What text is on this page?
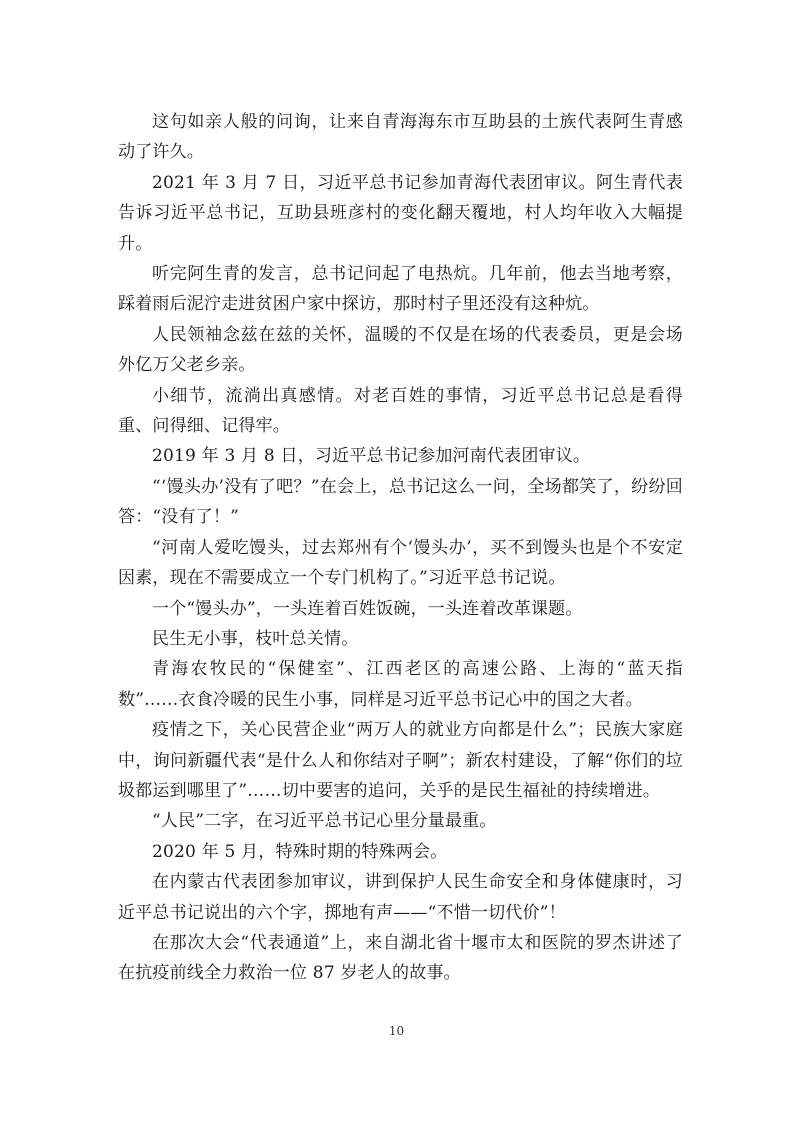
这句如亲人般的问询，让来自青海海东市互助县的土族代表阿生青感动了许久。

2021 年 3 月 7 日，习近平总书记参加青海代表团审议。阿生青代表告诉习近平总书记，互助县班彦村的变化翻天覆地，村人均年收入大幅提升。

听完阿生青的发言，总书记问起了电热炕。几年前，他去当地考察，踩着雨后泥泞走进贫困户家中探访，那时村子里还没有这种炕。

人民领袖念兹在兹的关怀，温暖的不仅是在场的代表委员，更是会场外亿万父老乡亲。

小细节，流淌出真感情。对老百姓的事情，习近平总书记总是看得重、问得细、记得牢。

2019 年 3 月 8 日，习近平总书记参加河南代表团审议。

“‘馒头办’没有了吧？”在会上，总书记这么一问，全场都笑了，纷纷回答：“没有了！”

“河南人爱吃馒头，过去郑州有个‘馒头办’，买不到馒头也是个不安定因素，现在不需要成立一个专门机构了。”习近平总书记说。

一个“馒头办”，一头连着百姓饭碗，一头连着改革课题。

民生无小事，枝叶总关情。

青海农牧民的“保健室”、江西老区的高速公路、上海的“蓝天指数”……衣食冷暖的民生小事，同样是习近平总书记心中的国之大者。

疫情之下，关心民营企业“两万人的就业方向都是什么”；民族大家庭中，询问新疆代表“是什么人和你结对子啊”；新农村建设，了解“你们的垃圾都运到哪里了”……切中要害的追问，关乎的是民生福祉的持续增进。

“人民”二字，在习近平总书记心里分量最重。

2020 年 5 月，特殊时期的特殊两会。

在内蒙古代表团参加审议，讲到保护人民生命安全和身体健康时，习近平总书记说出的六个字，掷地有声——“不惜一切代价”！

在那次大会“代表通道”上，来自湖北省十堰市太和医院的罗杰讲述了在抗疫前线全力救治一位 87 岁老人的故事。

10
